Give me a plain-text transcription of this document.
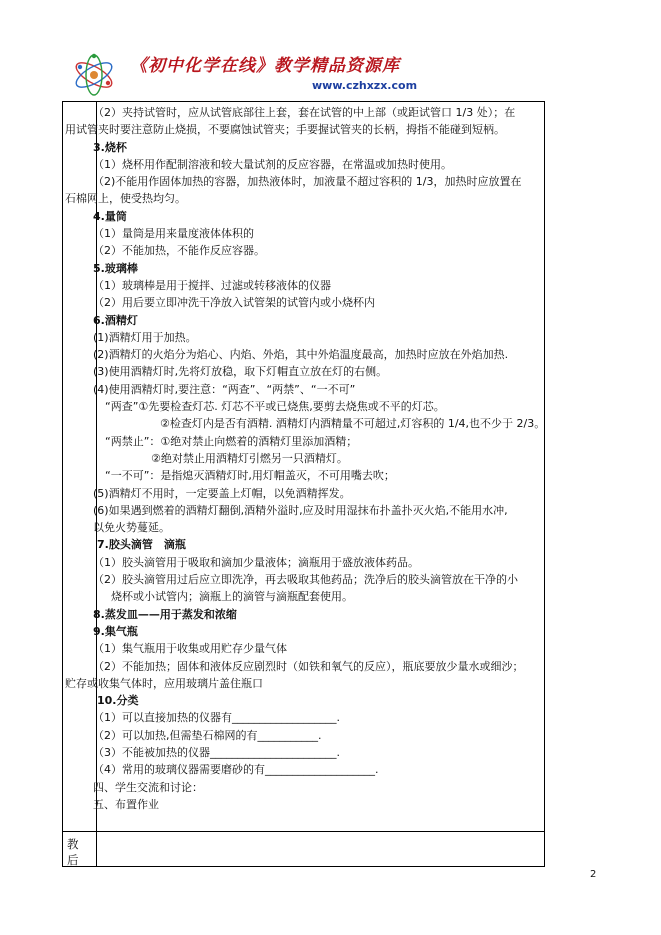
《初中化学在线》教学精品资源库
www.czhxzx.com
教
后
（2）夹持试管时，应从试管底部往上套，套在试管的中上部（或距试管口 1/3 处）；在
用试管夹时要注意防止烧损，不要腐蚀试管夹；手要握试管夹的长柄，拇指不能碰到短柄。
3.烧杯
（1）烧杯用作配制溶液和较大量试剂的反应容器，在常温或加热时使用。
（2)不能用作固体加热的容器，加热液体时，加液量不超过容积的 1/3，加热时应放置在
石棉网上，使受热均匀。
4.量筒
（1）量筒是用来量度液体体积的
（2）不能加热，不能作反应容器。
5.玻璃棒
（1）玻璃棒是用于搅拌、过滤或转移液体的仪器
（2）用后要立即冲洗干净放入试管架的试管内或小烧杯内
6.酒精灯
(1)酒精灯用于加热。
(2)酒精灯的火焰分为焰心、内焰、外焰，其中外焰温度最高，加热时应放在外焰加热.
(3)使用酒精灯时,先将灯放稳，取下灯帽直立放在灯的右侧。
(4)使用酒精灯时,要注意：“两查”、“两禁”、“一不可”
“两查”①先要检查灯芯. 灯芯不平或已烧焦,要剪去烧焦或不平的灯芯。
②检查灯内是否有酒精. 酒精灯内酒精量不可超过,灯容积的 1/4,也不少于 2/3。
“两禁止”：①绝对禁止向燃着的酒精灯里添加酒精；
②绝对禁止用酒精灯引燃另一只酒精灯。
“一不可”：是指熄灭酒精灯时,用灯帽盖灭，不可用嘴去吹；
(5)酒精灯不用时，一定要盖上灯帽，以免酒精挥发。
(6)如果遇到燃着的酒精灯翻倒,酒精外溢时,应及时用湿抹布扑盖扑灭火焰,不能用水冲,
以免火势蔓延。
7.胶头滴管　滴瓶
（1）胶头滴管用于吸取和滴加少量液体；滴瓶用于盛放液体药品。
（2）胶头滴管用过后应立即洗净，再去吸取其他药品；洗净后的胶头滴管放在干净的小
烧杯或小试管内；滴瓶上的滴管与滴瓶配套使用。
8.蒸发皿——用于蒸发和浓缩
9.集气瓶
（1）集气瓶用于收集或用贮存少量气体
（2）不能加热；固体和液体反应剧烈时（如铁和氧气的反应），瓶底要放少量水或细沙；
贮存或收集气体时，应用玻璃片盖住瓶口
10.分类
（1）可以直接加热的仪器有___________________.
（2）可以加热,但需垫石棉网的有___________.
（3）不能被加热的仪器_______________________.
（4）常用的玻璃仪器需要磨砂的有____________________.
四、学生交流和讨论：
五、布置作业
2
